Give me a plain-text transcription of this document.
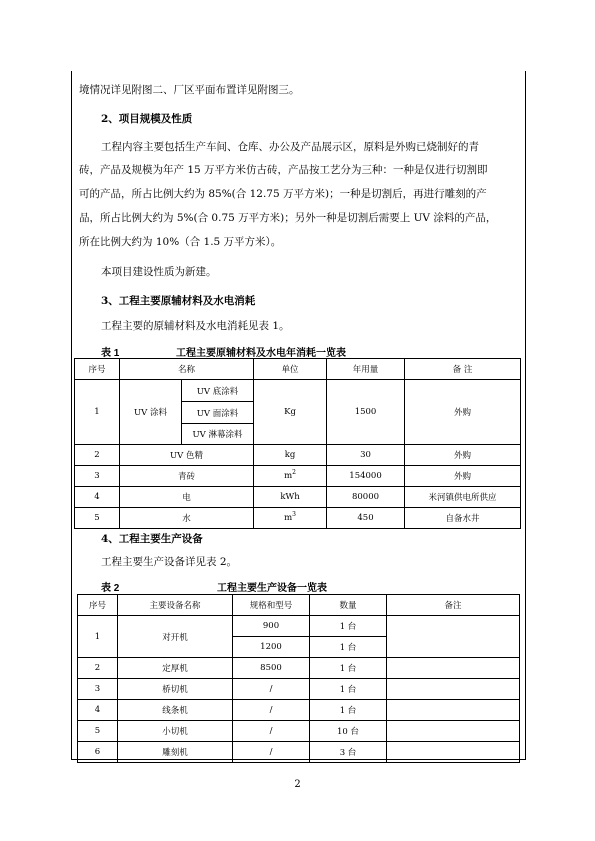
境情况详见附图二、厂区平面布置详见附图三。
2、项目规模及性质
工程内容主要包括生产车间、仓库、办公及产品展示区，原料是外购已烧制好的青
砖，产品及规模为年产 15 万平方米仿古砖，产品按工艺分为三种：一种是仅进行切割即
可的产品，所占比例大约为 85%(合 12.75 万平方米)；一种是切割后，再进行雕刻的产
品，所占比例大约为 5%(合 0.75 万平方米)；另外一种是切割后需要上 UV 涂料的产品，
所在比例大约为 10%（合 1.5 万平方米）。
本项目建设性质为新建。
3、工程主要原辅材料及水电消耗
工程主要的原辅材料及水电消耗见表 1。
表 1	工程主要原辅材料及水电年消耗一览表
序号	名称		单位	年用量	备 注
1	UV 涂料	UV 底涂料	Kg	1500	外购
		UV 面涂料			
		UV 淋幕涂料			
2	UV 色精		kg	30	外购
3	青砖		$m^2$	154000	外购
4	电		kWh	80000	米河镇供电所供应
5	水		$m^3$	450	自备水井
4、工程主要生产设备
工程主要生产设备详见表 2。
表 2	工程主要生产设备一览表
序号	主要设备名称	规格和型号	数量	备注
1	对开机	900	1 台	
		1200	1 台	
2	定厚机	8500	1 台	
3	桥切机	/	1 台	
4	线条机	/	1 台	
5	小切机	/	10 台	
6	雕刻机	/	3 台	
2
